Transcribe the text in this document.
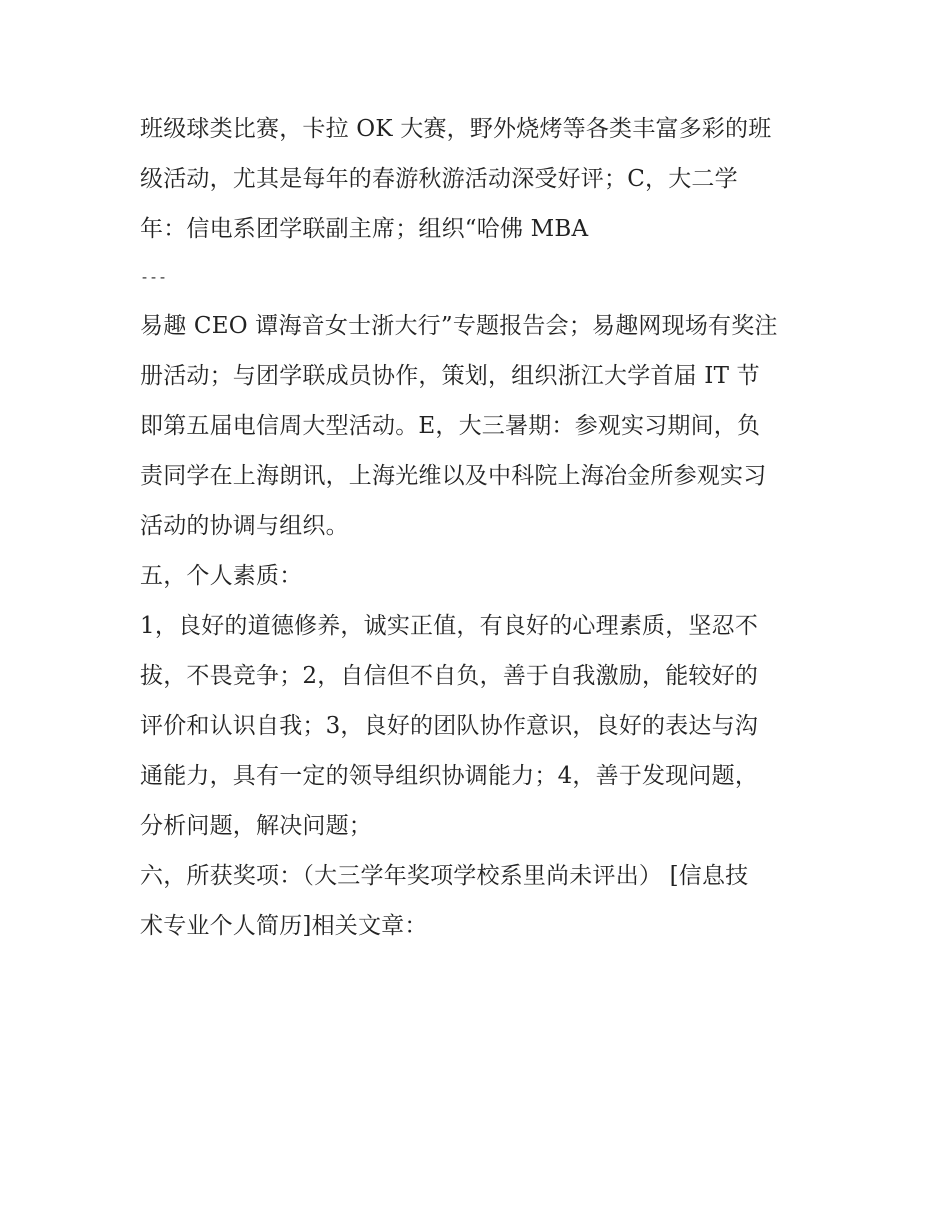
班级球类比赛，卡拉 OK 大赛，野外烧烤等各类丰富多彩的班
级活动，尤其是每年的春游秋游活动深受好评；C，大二学
年：信电系团学联副主席；组织“哈佛 MBA
---
易趣 CEO 谭海音女士浙大行”专题报告会；易趣网现场有奖注
册活动；与团学联成员协作，策划，组织浙江大学首届 IT 节
即第五届电信周大型活动。E，大三暑期：参观实习期间，负
责同学在上海朗讯，上海光维以及中科院上海冶金所参观实习
活动的协调与组织。
五，个人素质：
1，良好的道德修养，诚实正值，有良好的心理素质，坚忍不
拔，不畏竞争；2，自信但不自负，善于自我激励，能较好的
评价和认识自我；3，良好的团队协作意识，良好的表达与沟
通能力，具有一定的领导组织协调能力；4，善于发现问题，
分析问题，解决问题；
六，所获奖项：（大三学年奖项学校系里尚未评出） [信息技
术专业个人简历]相关文章：
